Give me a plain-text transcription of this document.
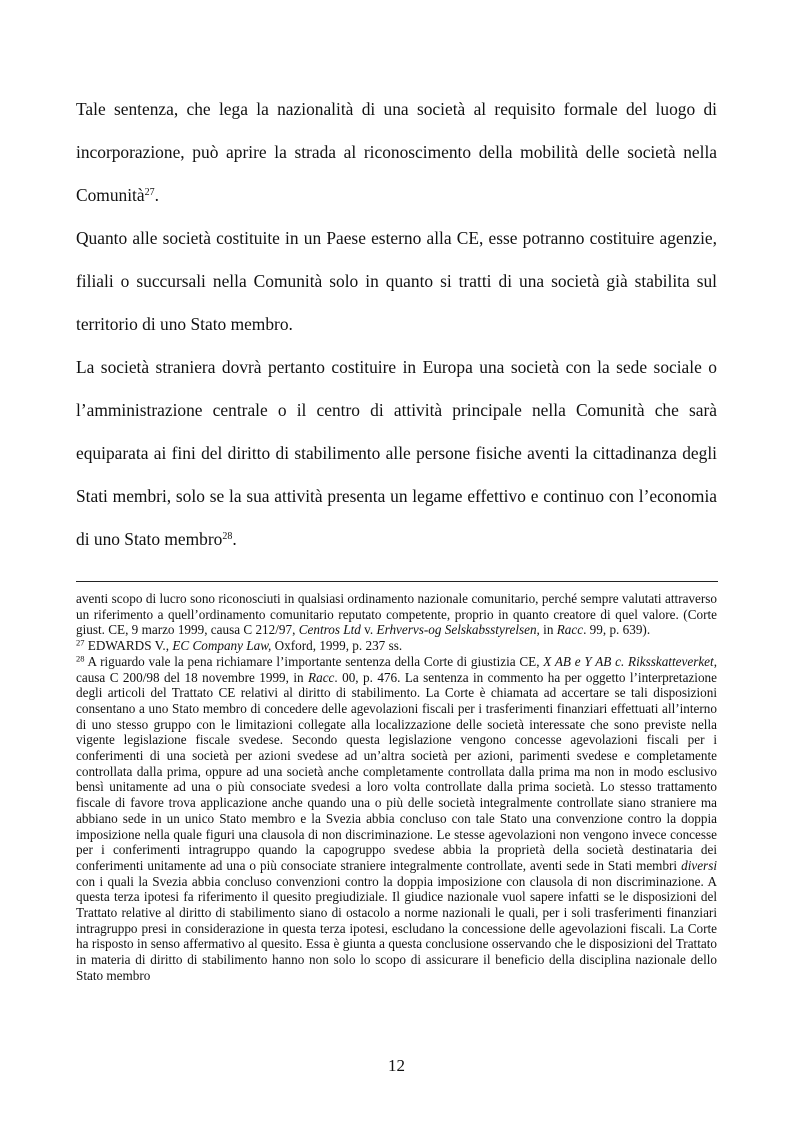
Tale sentenza, che lega la nazionalità di una società al requisito formale del luogo di incorporazione, può aprire la strada al riconoscimento della mobilità delle società nella Comunità$^{27}$.

Quanto alle società costituite in un Paese esterno alla CE, esse potranno costituire agenzie, filiali o succursali nella Comunità solo in quanto si tratti di una società già stabilita sul territorio di uno Stato membro.

La società straniera dovrà pertanto costituire in Europa una società con la sede sociale o l’amministrazione centrale o il centro di attività principale nella Comunità che sarà equiparata ai fini del diritto di stabilimento alle persone fisiche aventi la cittadinanza degli Stati membri, solo se la sua attività presenta un legame effettivo e continuo con l’economia di uno Stato membro$^{28}$.

aventi scopo di lucro sono riconosciuti in qualsiasi ordinamento nazionale comunitario, perché sempre valutati attraverso un riferimento a quell’ordinamento comunitario reputato competente, proprio in quanto creatore di quel valore. (Corte giust. CE, 9 marzo 1999, causa C 212/97, Centros Ltd v. Erhvervs-og Selskabsstyrelsen, in Racc. 99, p. 639).

$^{27}$ EDWARDS V., EC Company Law, Oxford, 1999, p. 237 ss.

$^{28}$ A riguardo vale la pena richiamare l’importante sentenza della Corte di giustizia CE, X AB e Y AB c. Riksskatteverket, causa C 200/98 del 18 novembre 1999, in Racc. 00, p. 476. La sentenza in commento ha per oggetto l’interpretazione degli articoli del Trattato CE relativi al diritto di stabilimento. La Corte è chiamata ad accertare se tali disposizioni consentano a uno Stato membro di concedere delle agevolazioni fiscali per i trasferimenti finanziari effettuati all’interno di uno stesso gruppo con le limitazioni collegate alla localizzazione delle società interessate che sono previste nella vigente legislazione fiscale svedese. Secondo questa legislazione vengono concesse agevolazioni fiscali per i conferimenti di una società per azioni svedese ad un’altra società per azioni, parimenti svedese e completamente controllata dalla prima, oppure ad una società anche completamente controllata dalla prima ma non in modo esclusivo bensì unitamente ad una o più consociate svedesi a loro volta controllate dalla prima società. Lo stesso trattamento fiscale di favore trova applicazione anche quando una o più delle società integralmente controllate siano straniere ma abbiano sede in un unico Stato membro e la Svezia abbia concluso con tale Stato una convenzione contro la doppia imposizione nella quale figuri una clausola di non discriminazione. Le stesse agevolazioni non vengono invece concesse per i conferimenti intragruppo quando la capogruppo svedese abbia la proprietà della società destinataria dei conferimenti unitamente ad una o più consociate straniere integralmente controllate, aventi sede in Stati membri diversi con i quali la Svezia abbia concluso convenzioni contro la doppia imposizione con clausola di non discriminazione. A questa terza ipotesi fa riferimento il quesito pregiudiziale. Il giudice nazionale vuol sapere infatti se le disposizioni del Trattato relative al diritto di stabilimento siano di ostacolo a norme nazionali le quali, per i soli trasferimenti finanziari intragruppo presi in considerazione in questa terza ipotesi, escludano la concessione delle agevolazioni fiscali. La Corte ha risposto in senso affermativo al quesito. Essa è giunta a questa conclusione osservando che le disposizioni del Trattato in materia di diritto di stabilimento hanno non solo lo scopo di assicurare il beneficio della disciplina nazionale dello Stato membro

12
